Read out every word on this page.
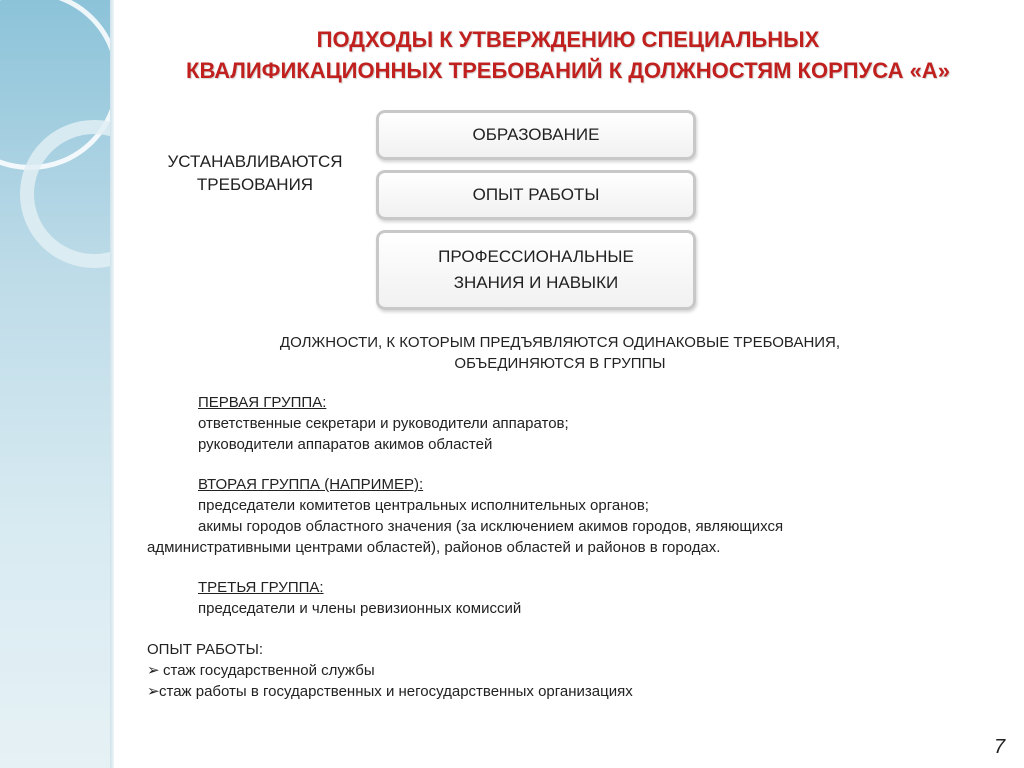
ПОДХОДЫ К УТВЕРЖДЕНИЮ СПЕЦИАЛЬНЫХ
КВАЛИФИКАЦИОННЫХ ТРЕБОВАНИЙ К ДОЛЖНОСТЯМ КОРПУСА «А»
УСТАНАВЛИВАЮТСЯ
ТРЕБОВАНИЯ
ОБРАЗОВАНИЕ
ОПЫТ РАБОТЫ
ПРОФЕССИОНАЛЬНЫЕ
ЗНАНИЯ И НАВЫКИ
ДОЛЖНОСТИ, К КОТОРЫМ ПРЕДЪЯВЛЯЮТСЯ ОДИНАКОВЫЕ ТРЕБОВАНИЯ,
ОБЪЕДИНЯЮТСЯ В ГРУППЫ
ПЕРВАЯ ГРУППА:
ответственные секретари и руководители аппаратов;
руководители аппаратов акимов областей
ВТОРАЯ ГРУППА (НАПРИМЕР):
председатели комитетов центральных исполнительных органов;
акимы городов областного значения (за исключением акимов городов, являющихся
административными центрами областей), районов областей и районов в городах.
ТРЕТЬЯ ГРУППА:
председатели и члены ревизионных комиссий
ОПЫТ РАБОТЫ:
➢ стаж государственной службы
➢стаж работы в государственных и негосударственных организациях
7
